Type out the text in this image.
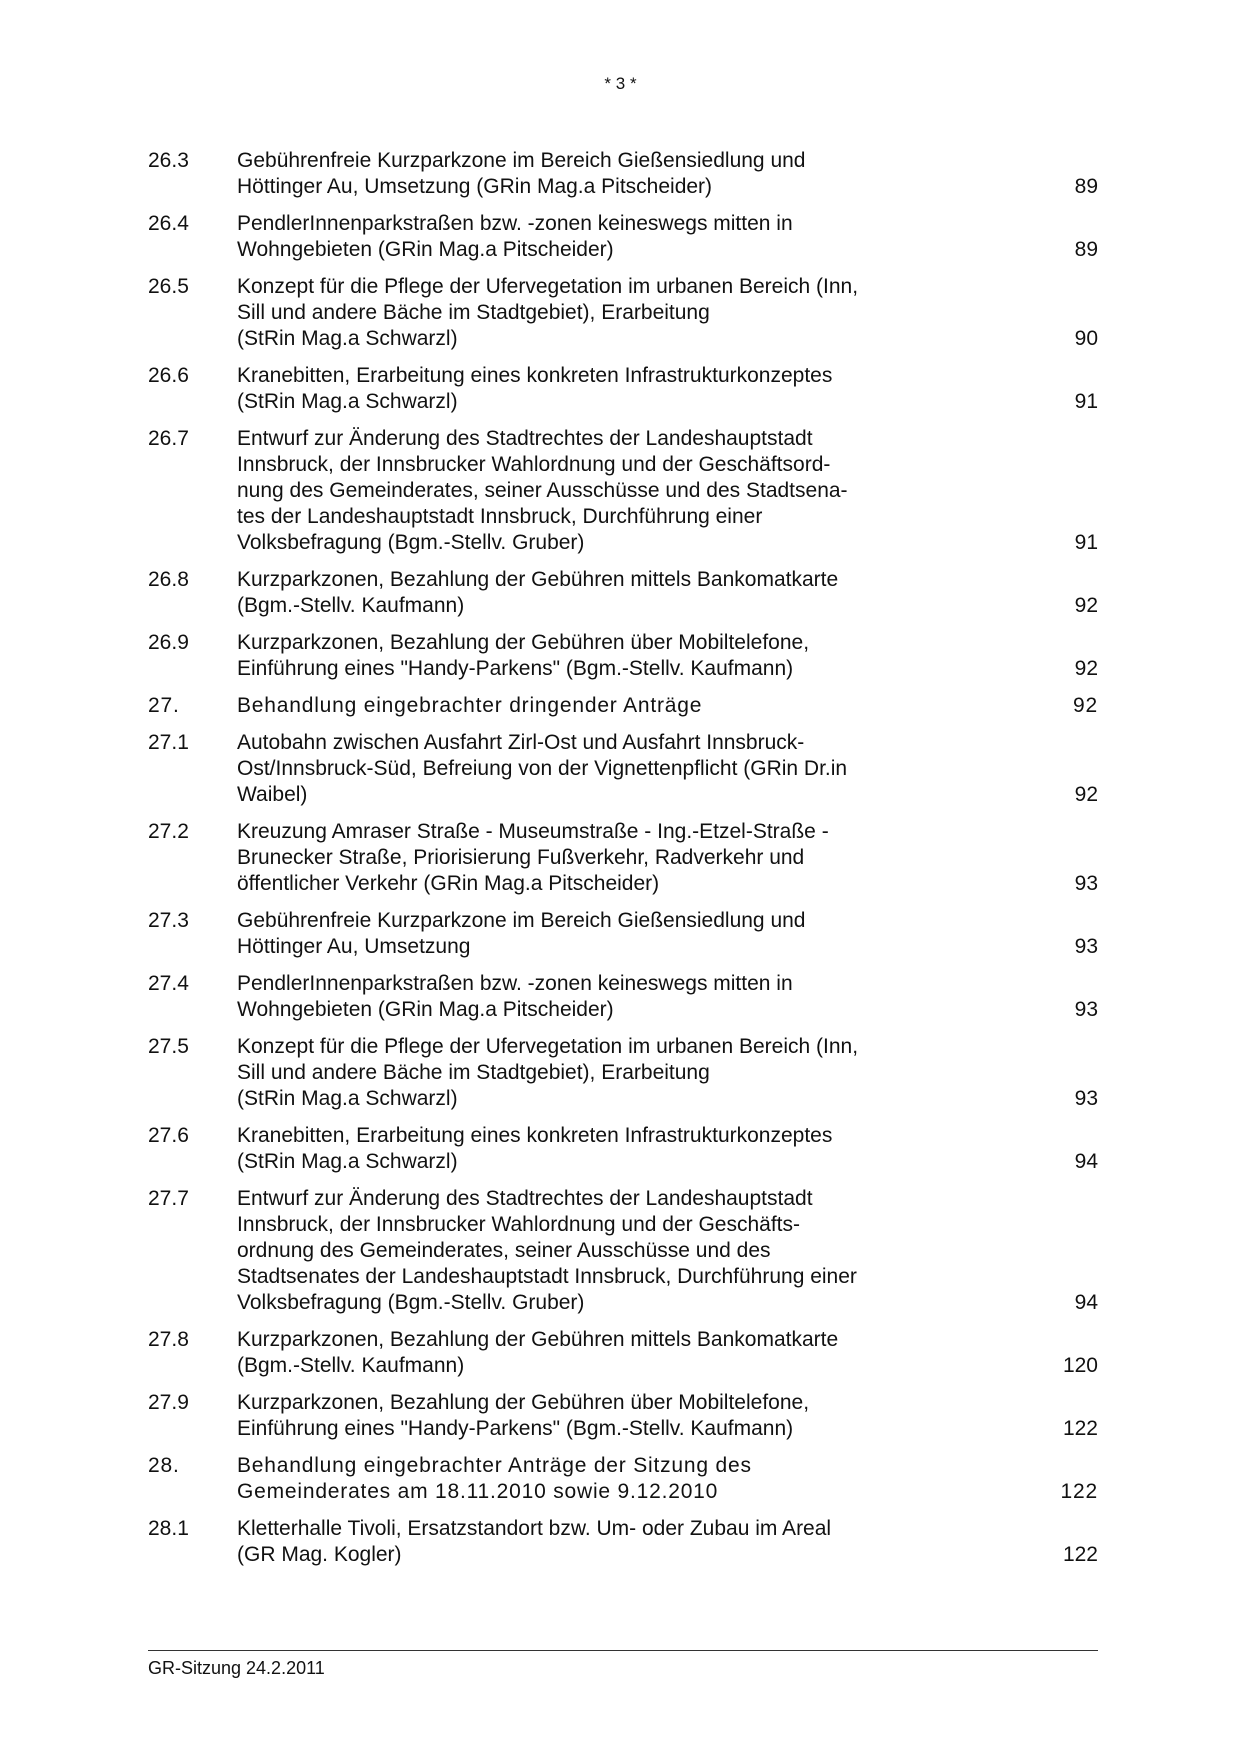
* 3 *
26.3	Gebührenfreie Kurzparkzone im Bereich Gießensiedlung und
Höttinger Au, Umsetzung (GRin Mag.a Pitscheider)	89
26.4	PendlerInnenparkstraßen bzw. -zonen keineswegs mitten in
Wohngebieten (GRin Mag.a Pitscheider)	89
26.5	Konzept für die Pflege der Ufervegetation im urbanen Bereich (Inn,
Sill und andere Bäche im Stadtgebiet), Erarbeitung
(StRin Mag.a Schwarzl)	90
26.6	Kranebitten, Erarbeitung eines konkreten Infrastrukturkonzeptes
(StRin Mag.a Schwarzl)	91
26.7	Entwurf zur Änderung des Stadtrechtes der Landeshauptstadt
Innsbruck, der Innsbrucker Wahlordnung und der Geschäftsord-
nung des Gemeinderates, seiner Ausschüsse und des Stadtsena-
tes der Landeshauptstadt Innsbruck, Durchführung einer
Volksbefragung (Bgm.-Stellv. Gruber)	91
26.8	Kurzparkzonen, Bezahlung der Gebühren mittels Bankomatkarte
(Bgm.-Stellv. Kaufmann)	92
26.9	Kurzparkzonen, Bezahlung der Gebühren über Mobiltelefone,
Einführung eines "Handy-Parkens" (Bgm.-Stellv. Kaufmann)	92
27.	Behandlung eingebrachter dringender Anträge	92
27.1	Autobahn zwischen Ausfahrt Zirl-Ost und Ausfahrt Innsbruck-
Ost/Innsbruck-Süd, Befreiung von der Vignettenpflicht (GRin Dr.in
Waibel)	92
27.2	Kreuzung Amraser Straße - Museumstraße - Ing.-Etzel-Straße -
Brunecker Straße, Priorisierung Fußverkehr, Radverkehr und
öffentlicher Verkehr (GRin Mag.a Pitscheider)	93
27.3	Gebührenfreie Kurzparkzone im Bereich Gießensiedlung und
Höttinger Au, Umsetzung	93
27.4	PendlerInnenparkstraßen bzw. -zonen keineswegs mitten in
Wohngebieten (GRin Mag.a Pitscheider)	93
27.5	Konzept für die Pflege der Ufervegetation im urbanen Bereich (Inn,
Sill und andere Bäche im Stadtgebiet), Erarbeitung
(StRin Mag.a Schwarzl)	93
27.6	Kranebitten, Erarbeitung eines konkreten Infrastrukturkonzeptes
(StRin Mag.a Schwarzl)	94
27.7	Entwurf zur Änderung des Stadtrechtes der Landeshauptstadt
Innsbruck, der Innsbrucker Wahlordnung und der Geschäfts-
ordnung des Gemeinderates, seiner Ausschüsse und des
Stadtsenates der Landeshauptstadt Innsbruck, Durchführung einer
Volksbefragung (Bgm.-Stellv. Gruber)	94
27.8	Kurzparkzonen, Bezahlung der Gebühren mittels Bankomatkarte
(Bgm.-Stellv. Kaufmann)	120
27.9	Kurzparkzonen, Bezahlung der Gebühren über Mobiltelefone,
Einführung eines "Handy-Parkens" (Bgm.-Stellv. Kaufmann)	122
28.	Behandlung eingebrachter Anträge der Sitzung des
Gemeinderates am 18.11.2010 sowie 9.12.2010	122
28.1	Kletterhalle Tivoli, Ersatzstandort bzw. Um- oder Zubau im Areal
(GR Mag. Kogler)	122
GR-Sitzung 24.2.2011
